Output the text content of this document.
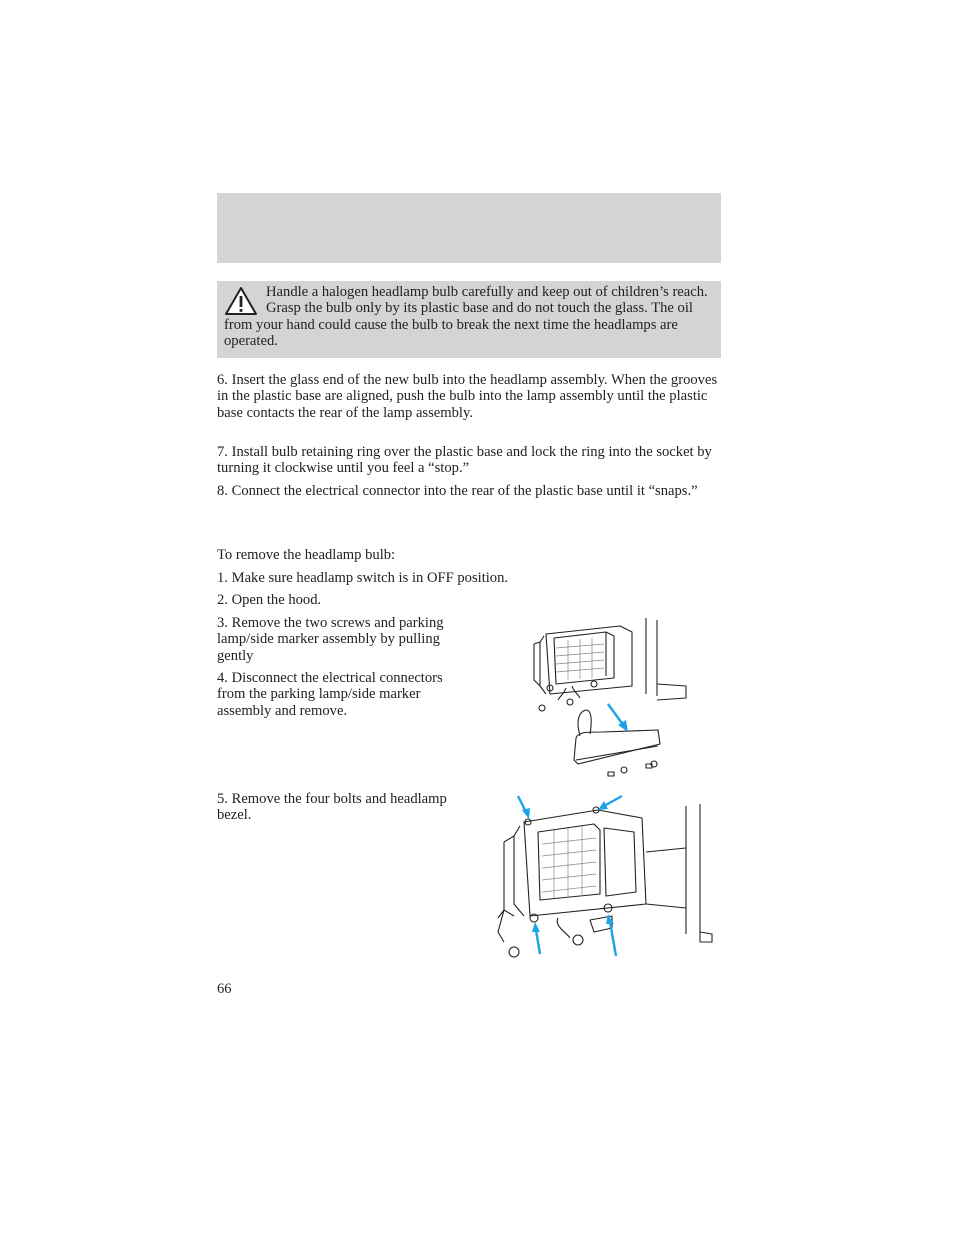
Handle a halogen headlamp bulb carefully and keep out of children’s reach. Grasp the bulb only by its plastic base and do not touch the glass. The oil from your hand could cause the bulb to break the next time the headlamps are operated.

6. Insert the glass end of the new bulb into the headlamp assembly. When the grooves in the plastic base are aligned, push the bulb into the lamp assembly until the plastic base contacts the rear of the lamp assembly.

7. Install bulb retaining ring over the plastic base and lock the ring into the socket by turning it clockwise until you feel a “stop.”

8. Connect the electrical connector into the rear of the plastic base until it “snaps.”

To remove the headlamp bulb:

1. Make sure headlamp switch is in OFF position.

2. Open the hood.

3. Remove the two screws and parking lamp/side marker assembly by pulling gently

4. Disconnect the electrical connectors from the parking lamp/side marker assembly and remove.

5. Remove the four bolts and headlamp bezel.

66
